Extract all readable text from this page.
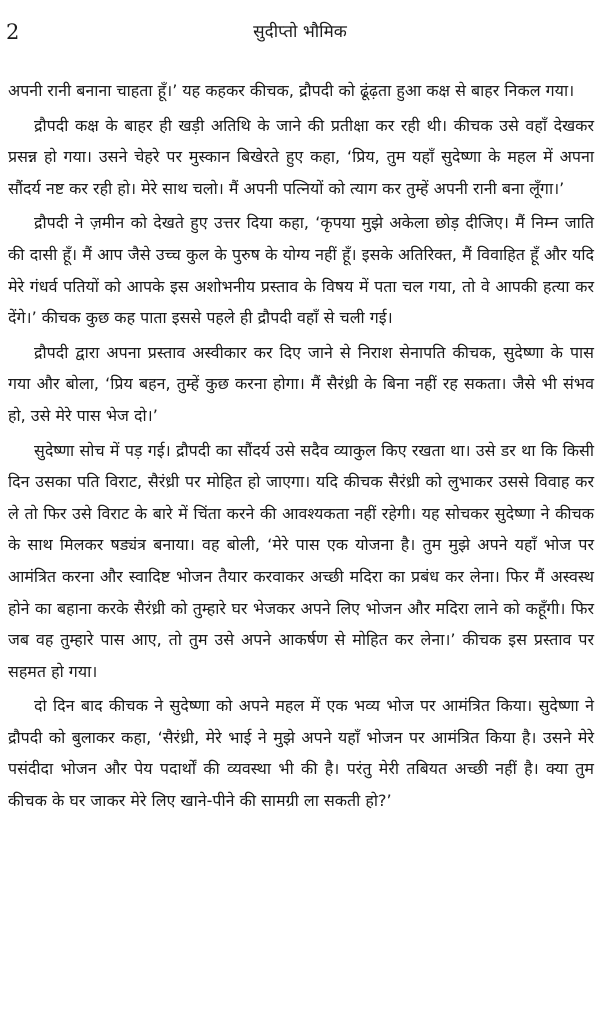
2	सुदीप्तो भौमिक

अपनी रानी बनाना चाहता हूँ।’ यह कहकर कीचक, द्रौपदी को ढूंढ़ता हुआ कक्ष से बाहर निकल गया।

द्रौपदी कक्ष के बाहर ही खड़ी अतिथि के जाने की प्रतीक्षा कर रही थी। कीचक उसे वहाँ देखकर प्रसन्न हो गया। उसने चेहरे पर मुस्कान बिखेरते हुए कहा, ‘प्रिय, तुम यहाँ सुदेष्णा के महल में अपना सौंदर्य नष्ट कर रही हो। मेरे साथ चलो। मैं अपनी पत्नियों को त्याग कर तुम्हें अपनी रानी बना लूँगा।’

द्रौपदी ने ज़मीन को देखते हुए उत्तर दिया कहा, ‘कृपया मुझे अकेला छोड़ दीजिए। मैं निम्न जाति की दासी हूँ। मैं आप जैसे उच्च कुल के पुरुष के योग्य नहीं हूँ। इसके अतिरिक्त, मैं विवाहित हूँ और यदि मेरे गंधर्व पतियों को आपके इस अशोभनीय प्रस्ताव के विषय में पता चल गया, तो वे आपकी हत्या कर देंगे।’ कीचक कुछ कह पाता इससे पहले ही द्रौपदी वहाँ से चली गई।

द्रौपदी द्वारा अपना प्रस्ताव अस्वीकार कर दिए जाने से निराश सेनापति कीचक, सुदेष्णा के पास गया और बोला, ‘प्रिय बहन, तुम्हें कुछ करना होगा। मैं सैरंध्री के बिना नहीं रह सकता। जैसे भी संभव हो, उसे मेरे पास भेज दो।’

सुदेष्णा सोच में पड़ गई। द्रौपदी का सौंदर्य उसे सदैव व्याकुल किए रखता था। उसे डर था कि किसी दिन उसका पति विराट, सैरंध्री पर मोहित हो जाएगा। यदि कीचक सैरंध्री को लुभाकर उससे विवाह कर ले तो फिर उसे विराट के बारे में चिंता करने की आवश्यकता नहीं रहेगी। यह सोचकर सुदेष्णा ने कीचक के साथ मिलकर षड्यंत्र बनाया। वह बोली, ‘मेरे पास एक योजना है। तुम मुझे अपने यहाँ भोज पर आमंत्रित करना और स्वादिष्ट भोजन तैयार करवाकर अच्छी मदिरा का प्रबंध कर लेना। फिर मैं अस्वस्थ होने का बहाना करके सैरंध्री को तुम्हारे घर भेजकर अपने लिए भोजन और मदिरा लाने को कहूँगी। फिर जब वह तुम्हारे पास आए, तो तुम उसे अपने आकर्षण से मोहित कर लेना।’ कीचक इस प्रस्ताव पर सहमत हो गया।

दो दिन बाद कीचक ने सुदेष्णा को अपने महल में एक भव्य भोज पर आमंत्रित किया। सुदेष्णा ने द्रौपदी को बुलाकर कहा, ‘सैरंध्री, मेरे भाई ने मुझे अपने यहाँ भोजन पर आमंत्रित किया है। उसने मेरे पसंदीदा भोजन और पेय पदार्थों की व्यवस्था भी की है। परंतु मेरी तबियत अच्छी नहीं है। क्या तुम कीचक के घर जाकर मेरे लिए खाने-पीने की सामग्री ला सकती हो?’
